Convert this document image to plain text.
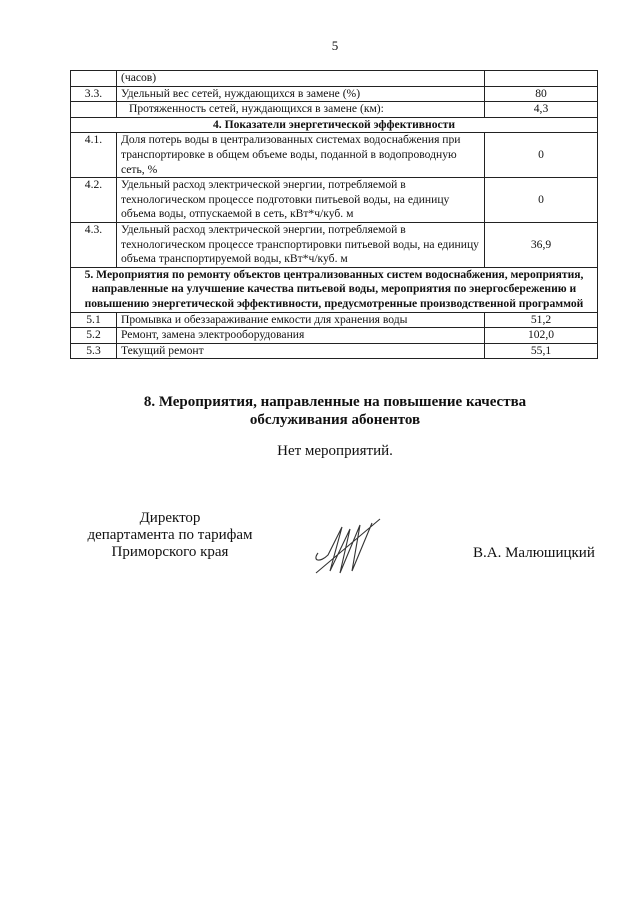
5
	(часов)	
3.3.	Удельный вес сетей, нуждающихся в замене (%)	80
	Протяженность сетей, нуждающихся в замене (км):	4,3
4. Показатели энергетической эффективности		
4.1.	Доля потерь воды в централизованных системах водоснабжения при транспортировке в общем объеме воды, поданной в водопроводную сеть, %	0
4.2.	Удельный расход электрической энергии, потребляемой в технологическом процессе подготовки питьевой воды, на единицу объема воды, отпускаемой в сеть, кВт*ч/куб. м	0
4.3.	Удельный расход электрической энергии, потребляемой в технологическом процессе транспортировки питьевой воды, на единицу объема транспортируемой воды, кВт*ч/куб. м	36,9
5. Мероприятия по ремонту объектов централизованных систем водоснабжения, мероприятия, направленные на улучшение качества питьевой воды, мероприятия по энергосбережению и повышению энергетической эффективности, предусмотренные производственной программой		
5.1	Промывка и обеззараживание емкости для хранения воды	51,2
5.2	Ремонт, замена электрооборудования	102,0
5.3	Текущий ремонт	55,1
8. Мероприятия, направленные на повышение качества
обслуживания абонентов
Нет мероприятий.
Директор
департамента по тарифам
Приморского края	В.А. Малюшицкий
